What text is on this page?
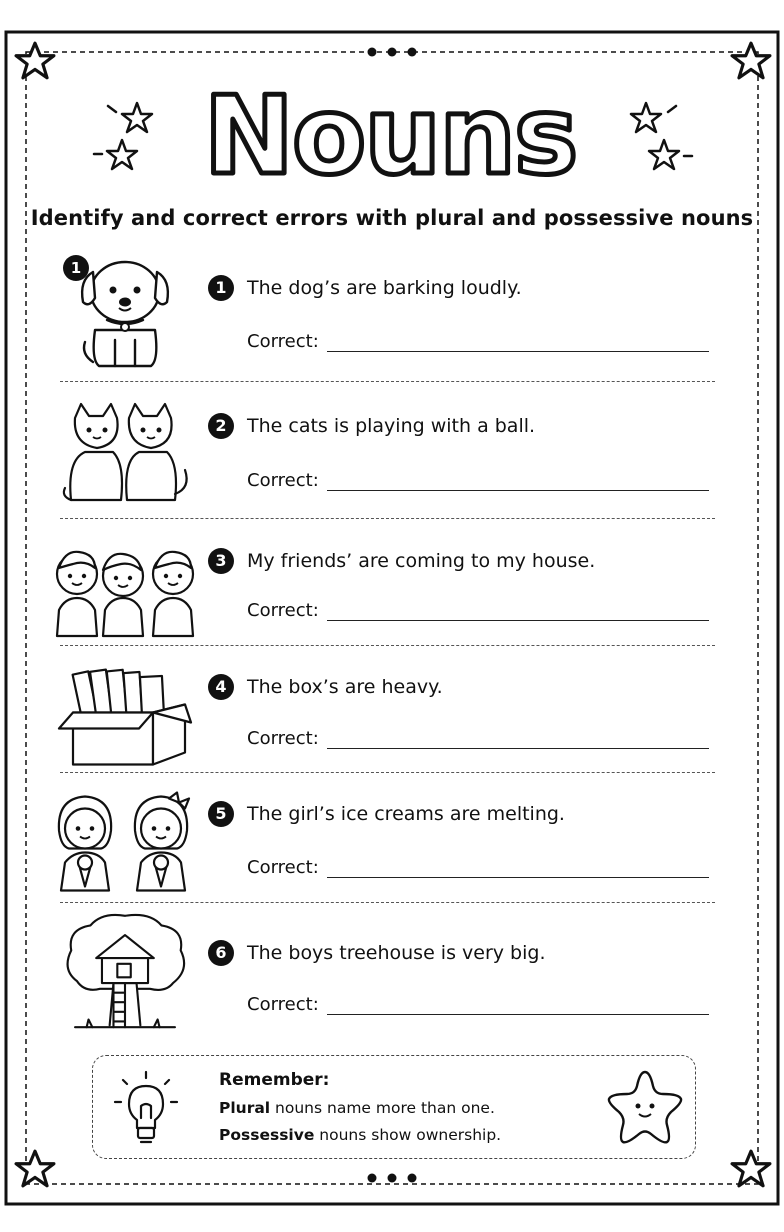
Nouns
Identify and correct errors with plural and possessive nouns
1
1	The dog’s are barking loudly.
Correct:
2	The cats is playing with a ball.
Correct:
3	My friends’ are coming to my house.
Correct:
4	The box’s are heavy.
Correct:
5	The girl’s ice creams are melting.
Correct:
6	The boys treehouse is very big.
Correct:
Remember:
Plural nouns name more than one.
Possessive nouns show ownership.
